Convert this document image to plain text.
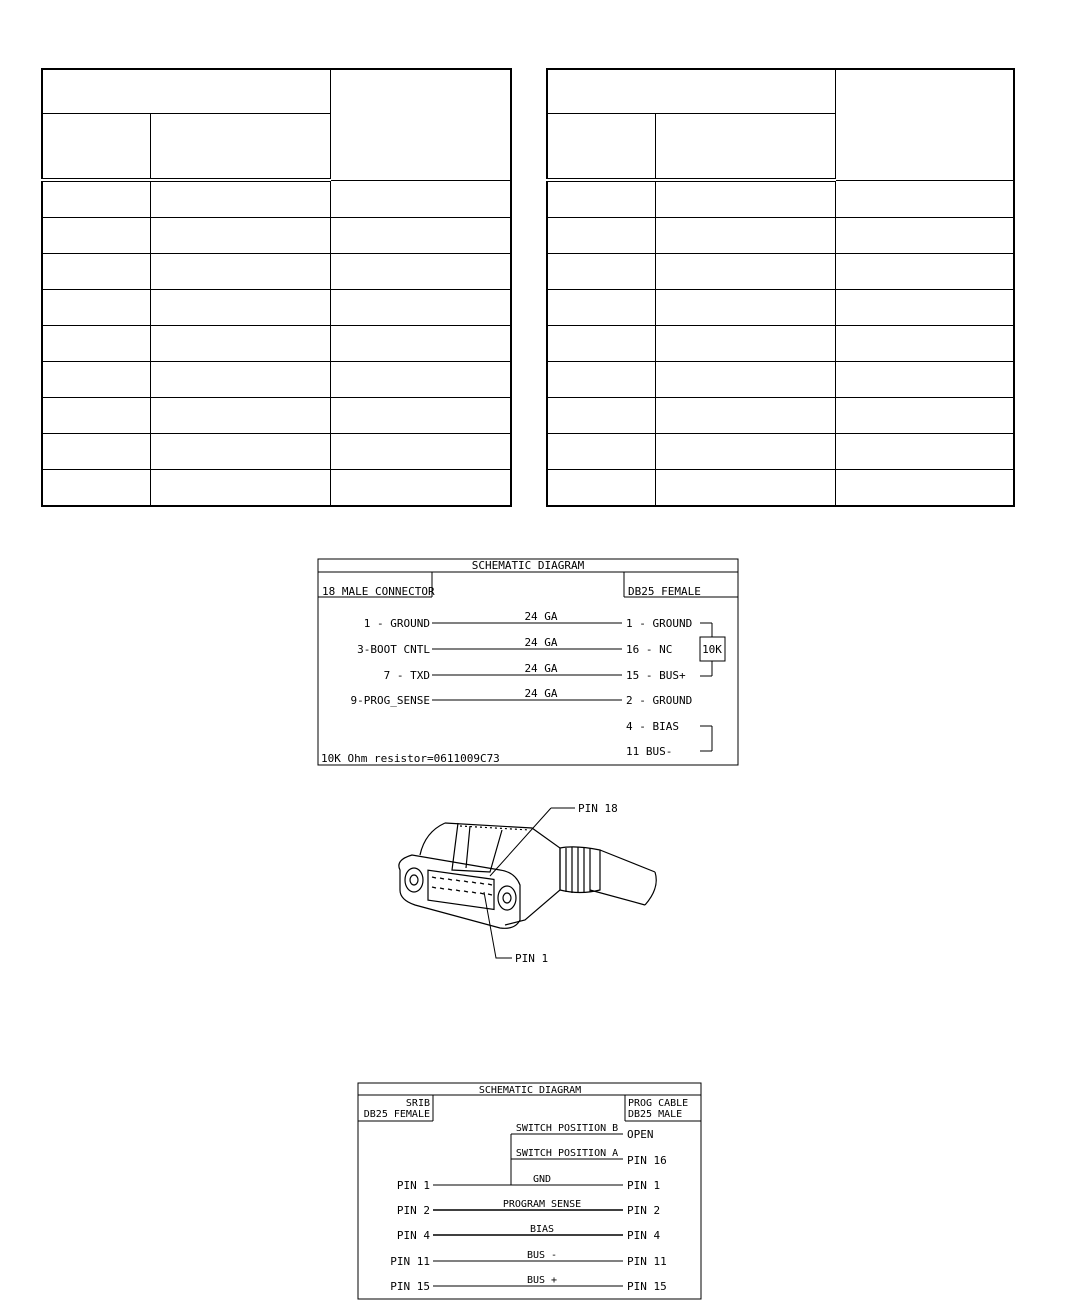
SCHEMATIC DIAGRAM
18 MALE CONNECTOR	DB25 FEMALE
1 - GROUND
3-BOOT CNTL
7 - TXD
9-PROG_SENSE
24 GA
24 GA
24 GA
24 GA
1 - GROUND
16 - NC
15 - BUS+
2 - GROUND
4 - BIAS
11 BUS-
10K
10K Ohm resistor=0611009C73
PIN 18
PIN 1
SCHEMATIC DIAGRAM
SRIB
DB25 FEMALE
PROG CABLE
DB25 MALE
SWITCH POSITION B
SWITCH POSITION A
GND
PROGRAM SENSE
BIAS
BUS -
BUS +
OPEN
PIN 16
PIN 1
PIN 2
PIN 4
PIN 11
PIN 15
PIN 1
PIN 2
PIN 4
PIN 11
PIN 15
